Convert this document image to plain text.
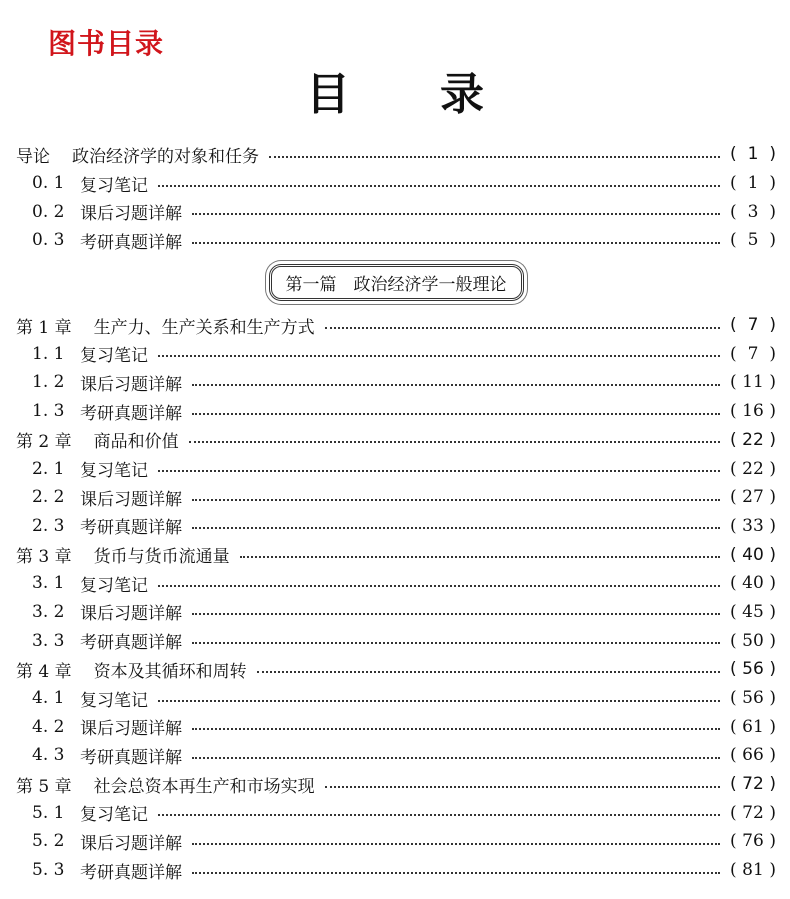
图书目录
目录
导论 政治经济学的对象和任务	( 1 )
0. 1 复习笔记	( 1 )
0. 2 课后习题详解	( 3 )
0. 3 考研真题详解	( 5 )
第一篇　政治经济学一般理论
第 1 章 生产力、生产关系和生产方式	( 7 )
1. 1 复习笔记	( 7 )
1. 2 课后习题详解	( 11 )
1. 3 考研真题详解	( 16 )
第 2 章 商品和价值	( 22 )
2. 1 复习笔记	( 22 )
2. 2 课后习题详解	( 27 )
2. 3 考研真题详解	( 33 )
第 3 章 货币与货币流通量	( 40 )
3. 1 复习笔记	( 40 )
3. 2 课后习题详解	( 45 )
3. 3 考研真题详解	( 50 )
第 4 章 资本及其循环和周转	( 56 )
4. 1 复习笔记	( 56 )
4. 2 课后习题详解	( 61 )
4. 3 考研真题详解	( 66 )
第 5 章 社会总资本再生产和市场实现	( 72 )
5. 1 复习笔记	( 72 )
5. 2 课后习题详解	( 76 )
5. 3 考研真题详解	( 81 )
